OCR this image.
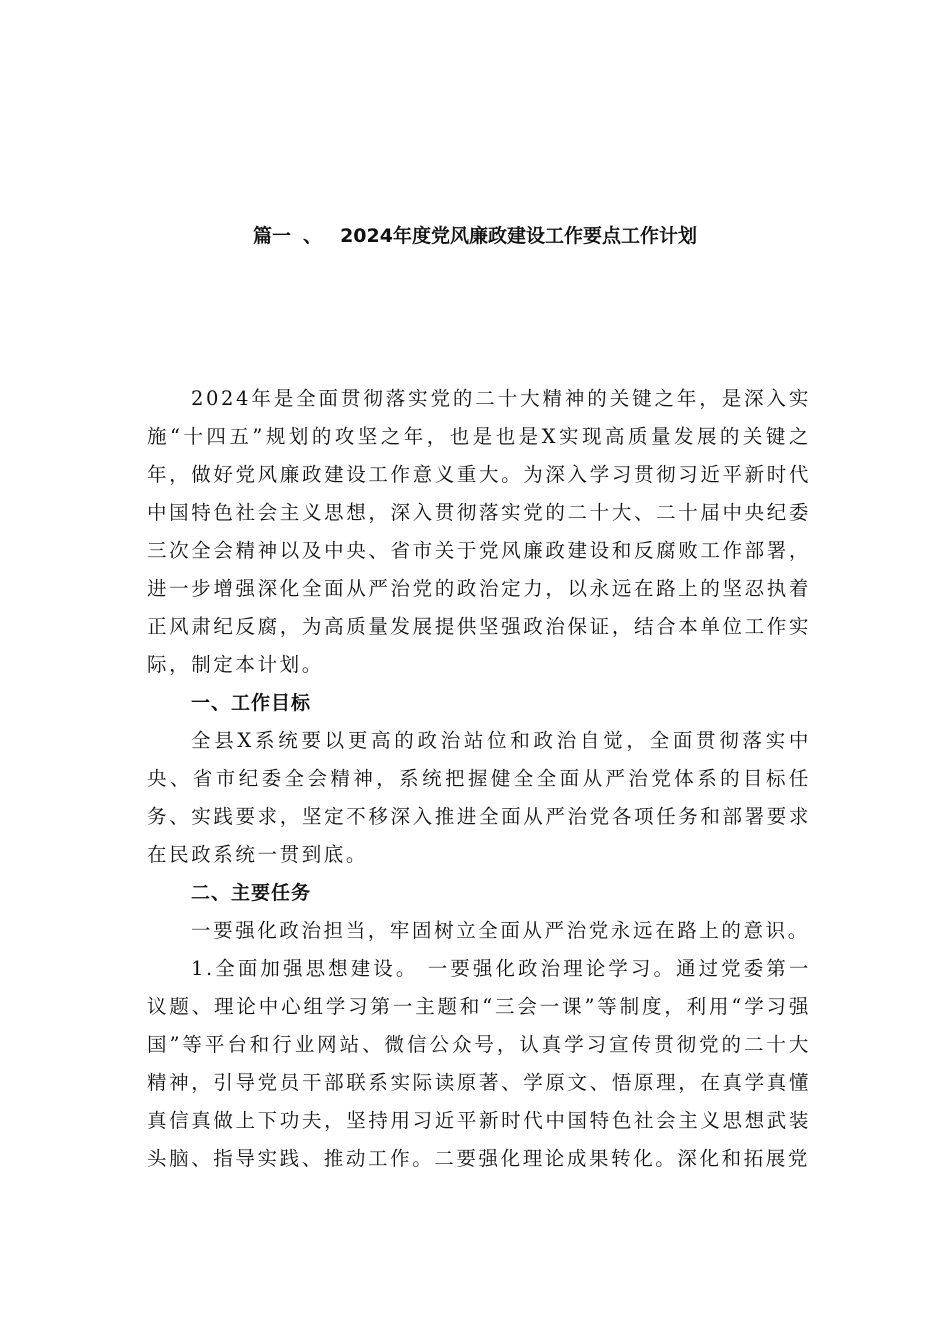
篇一 、 2024年度党风廉政建设工作要点工作计划

2024年是全面贯彻落实党的二十大精神的关键之年，是深入实施“十四五”规划的攻坚之年，也是也是X实现高质量发展的关键之年，做好党风廉政建设工作意义重大。为深入学习贯彻习近平新时代中国特色社会主义思想，深入贯彻落实党的二十大、二十届中央纪委三次全会精神以及中央、省市关于党风廉政建设和反腐败工作部署，进一步增强深化全面从严治党的政治定力，以永远在路上的坚忍执着正风肃纪反腐，为高质量发展提供坚强政治保证，结合本单位工作实际，制定本计划。

一、工作目标

全县X系统要以更高的政治站位和政治自觉，全面贯彻落实中央、省市纪委全会精神，系统把握健全全面从严治党体系的目标任务、实践要求，坚定不移深入推进全面从严治党各项任务和部署要求在民政系统一贯到底。

二、主要任务

一要强化政治担当，牢固树立全面从严治党永远在路上的意识。

1.全面加强思想建设。 一要强化政治理论学习。通过党委第一议题、理论中心组学习第一主题和“三会一课”等制度，利用“学习强国”等平台和行业网站、微信公众号，认真学习宣传贯彻党的二十大精神，引导党员干部联系实际读原著、学原文、悟原理，在真学真懂真信真做上下功夫，坚持用习近平新时代中国特色社会主义思想武装头脑、指导实践、推动工作。二要强化理论成果转化。深化和拓展党
